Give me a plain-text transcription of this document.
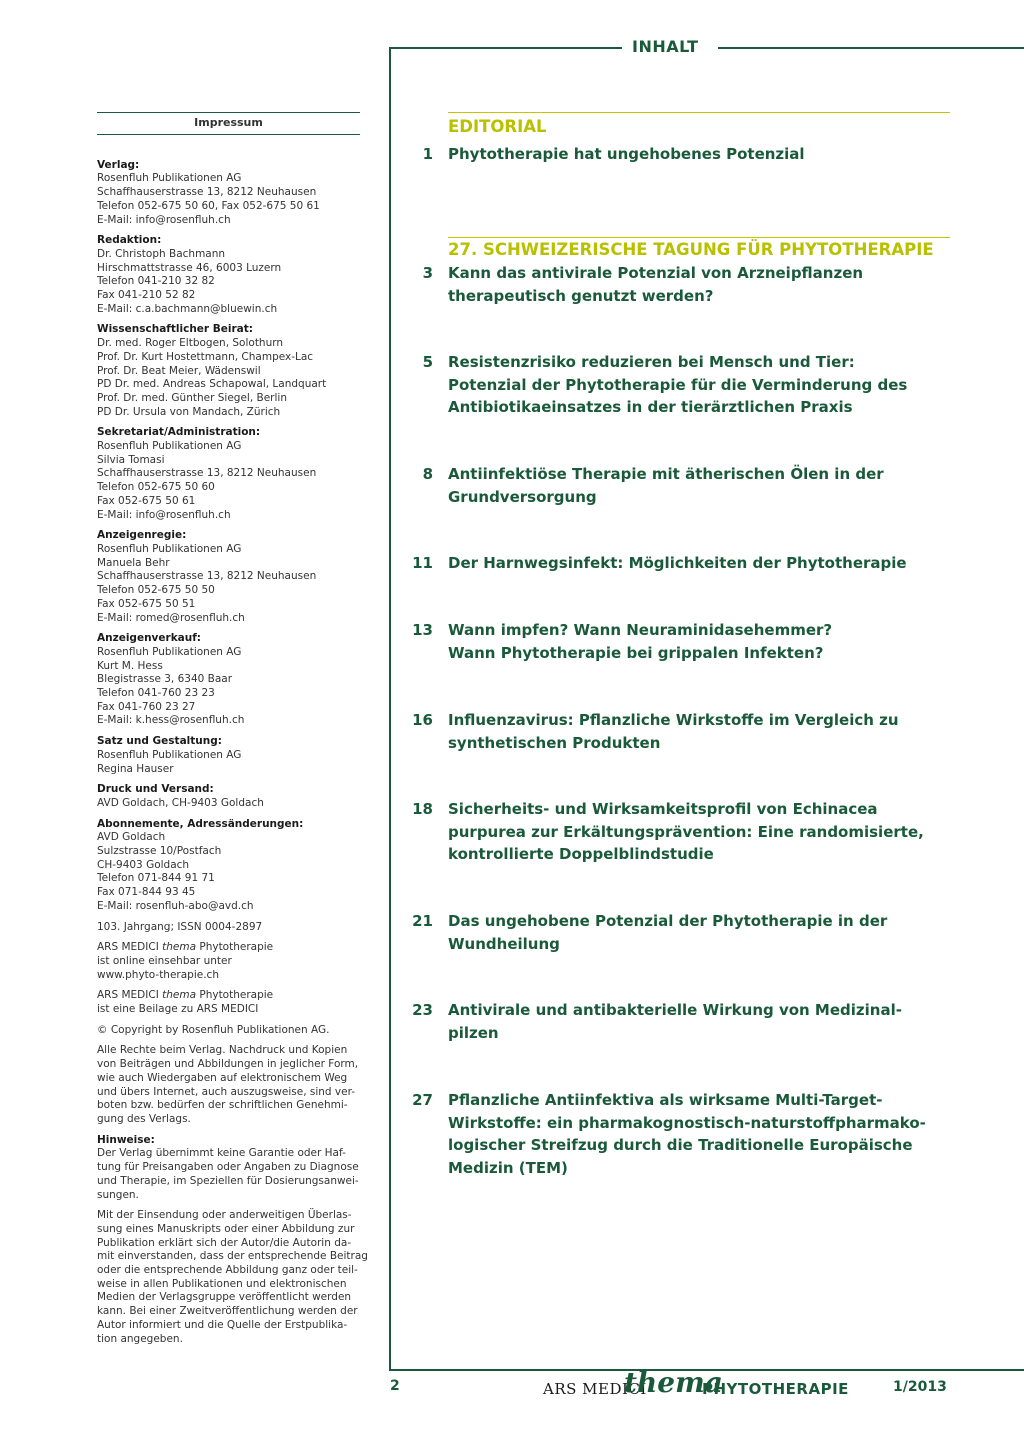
INHALT
Impressum
Verlag:
Rosenfluh Publikationen AG
Schaffhauserstrasse 13, 8212 Neuhausen
Telefon 052-675 50 60, Fax 052-675 50 61
E-Mail: info@rosenfluh.ch
Redaktion:
Dr. Christoph Bachmann
Hirschmattstrasse 46, 6003 Luzern
Telefon 041-210 32 82
Fax 041-210 52 82
E-Mail: c.a.bachmann@bluewin.ch
Wissenschaftlicher Beirat:
Dr. med. Roger Eltbogen, Solothurn
Prof. Dr. Kurt Hostettmann, Champex-Lac
Prof. Dr. Beat Meier, Wädenswil
PD Dr. med. Andreas Schapowal, Landquart
Prof. Dr. med. Günther Siegel, Berlin
PD Dr. Ursula von Mandach, Zürich
Sekretariat/Administration:
Rosenfluh Publikationen AG
Silvia Tomasi
Schaffhauserstrasse 13, 8212 Neuhausen
Telefon 052-675 50 60
Fax 052-675 50 61
E-Mail: info@rosenfluh.ch
Anzeigenregie:
Rosenfluh Publikationen AG
Manuela Behr
Schaffhauserstrasse 13, 8212 Neuhausen
Telefon 052-675 50 50
Fax 052-675 50 51
E-Mail: romed@rosenfluh.ch
Anzeigenverkauf:
Rosenfluh Publikationen AG
Kurt M. Hess
Blegistrasse 3, 6340 Baar
Telefon 041-760 23 23
Fax 041-760 23 27
E-Mail: k.hess@rosenfluh.ch
Satz und Gestaltung:
Rosenfluh Publikationen AG
Regina Hauser
Druck und Versand:
AVD Goldach, CH-9403 Goldach
Abonnemente, Adressänderungen:
AVD Goldach
Sulzstrasse 10/Postfach
CH-9403 Goldach
Telefon 071-844 91 71
Fax 071-844 93 45
E-Mail: rosenfluh-abo@avd.ch
103. Jahrgang; ISSN 0004-2897
ARS MEDICI thema Phytotherapie
ist online einsehbar unter
www.phyto-therapie.ch
ARS MEDICI thema Phytotherapie
ist eine Beilage zu ARS MEDICI
© Copyright by Rosenfluh Publikationen AG.
Alle Rechte beim Verlag. Nachdruck und Kopien
von Beiträgen und Abbildungen in jeglicher Form,
wie auch Wiedergaben auf elektronischem Weg
und übers Internet, auch auszugsweise, sind ver-
boten bzw. bedürfen der schriftlichen Genehmi-
gung des Verlags.
Hinweise:
Der Verlag übernimmt keine Garantie oder Haf-
tung für Preisangaben oder Angaben zu Diagnose
und Therapie, im Speziellen für Dosierungsanwei-
sungen.
Mit der Einsendung oder anderweitigen Überlas-
sung eines Manuskripts oder einer Abbildung zur
Publikation erklärt sich der Autor/die Autorin da-
mit einverstanden, dass der entsprechende Beitrag
oder die entsprechende Abbildung ganz oder teil-
weise in allen Publikationen und elektronischen
Medien der Verlagsgruppe veröffentlicht werden
kann. Bei einer Zweitveröffentlichung werden der
Autor informiert und die Quelle der Erstpublika-
tion angegeben.
EDITORIAL
1 Phytotherapie hat ungehobenes Potenzial
27. SCHWEIZERISCHE TAGUNG FÜR PHYTOTHERAPIE
3 Kann das antivirale Potenzial von Arzneipflanzen
therapeutisch genutzt werden?
5 Resistenzrisiko reduzieren bei Mensch und Tier:
Potenzial der Phytotherapie für die Verminderung des
Antibiotikaeinsatzes in der tierärztlichen Praxis
8 Antiinfektiöse Therapie mit ätherischen Ölen in der
Grundversorgung
11 Der Harnwegsinfekt: Möglichkeiten der Phytotherapie
13 Wann impfen? Wann Neuraminidasehemmer?
Wann Phytotherapie bei grippalen Infekten?
16 Influenzavirus: Pflanzliche Wirkstoffe im Vergleich zu
synthetischen Produkten
18 Sicherheits- und Wirksamkeitsprofil von Echinacea
purpurea zur Erkältungsprävention: Eine randomisierte,
kontrollierte Doppelblindstudie
21 Das ungehobene Potenzial der Phytotherapie in der
Wundheilung
23 Antivirale und antibakterielle Wirkung von Medizinal-
pilzen
27 Pflanzliche Antiinfektiva als wirksame Multi-Target-
Wirkstoffe: ein pharmakognostisch-naturstoffpharmako-
logischer Streifzug durch die Traditionelle Europäische
Medizin (TEM)
2	ARS MEDICI
thema
PHYTOTHERAPIE	1/2013
